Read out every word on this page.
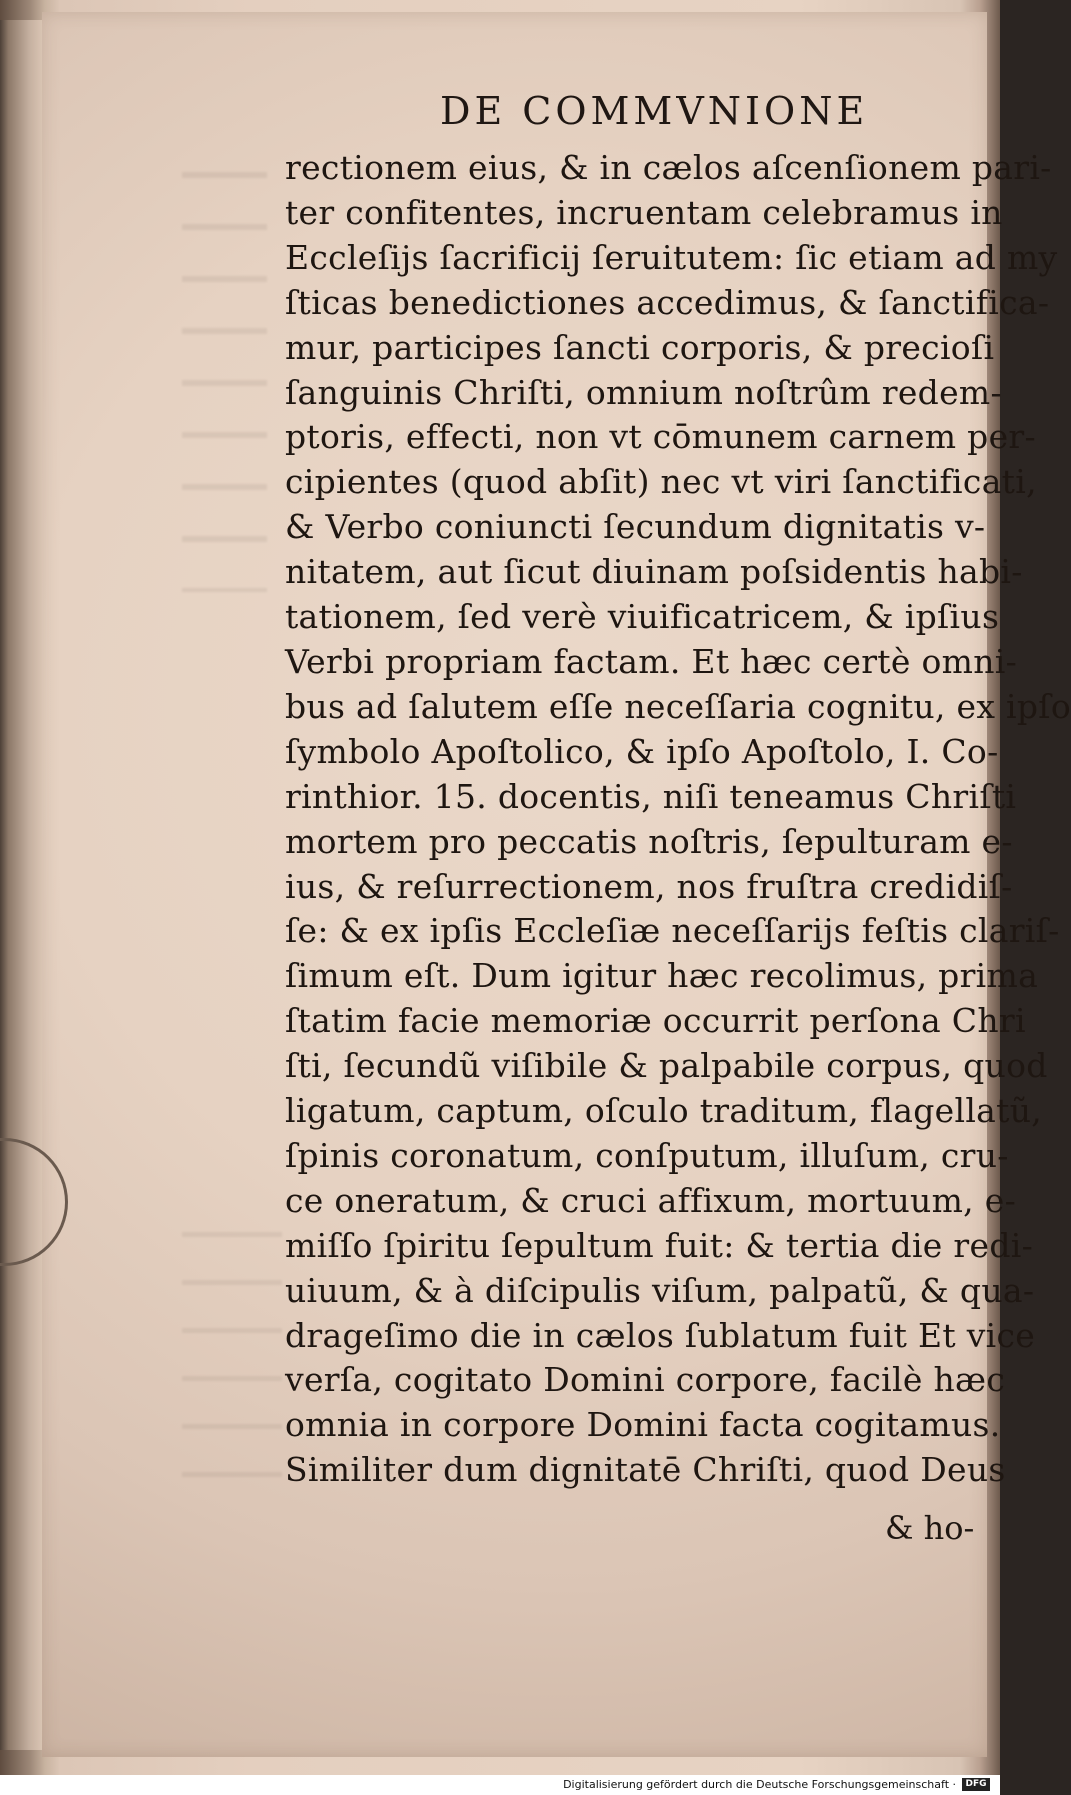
DE COMMVNIONE
rectionem eius, & in cælos aſcenſionem pari-
ter confitentes, incruentam celebramus in
Eccleſijs ſacrificij ſeruitutem: ſic etiam ad my
ſticas benedictiones accedimus, & ſanctifica-
mur, participes ſancti corporis, & precioſi
ſanguinis Chriſti, omnium noſtrûm redem-
ptoris, effecti, non vt cōmunem carnem per-
cipientes (quod abſit) nec vt viri ſanctificati,
& Verbo coniuncti ſecundum dignitatis v-
nitatem, aut ſicut diuinam poſsidentis habi-
tationem, ſed verè viuificatricem, & ipſius
Verbi propriam factam. Et hæc certè omni-
bus ad ſalutem eſſe neceſſaria cognitu, ex ipſo
ſymbolo Apoſtolico, & ipſo Apoſtolo, I. Co-
rinthior. 15. docentis, niſi teneamus Chriſti
mortem pro peccatis noſtris, ſepulturam e-
ius, & reſurrectionem, nos fruſtra credidiſ-
ſe: & ex ipſis Eccleſiæ neceſſarijs feſtis clariſ-
ſimum eſt. Dum igitur hæc recolimus, prima
ſtatim facie memoriæ occurrit perſona Chri
ſti, ſecundũ viſibile & palpabile corpus, quod
ligatum, captum, oſculo traditum, flagellatũ,
ſpinis coronatum, conſputum, illuſum, cru-
ce oneratum, & cruci affixum, mortuum, e-
miſſo ſpiritu ſepultum fuit: & tertia die redi-
uiuum, & à diſcipulis viſum, palpatũ, & qua-
drageſimo die in cælos ſublatum fuit Et vice
verſa, cogitato Domini corpore, facilè hæc
omnia in corpore Domini facta cogitamus.
Similiter dum dignitatē Chriſti, quod Deus
& ho-
Digitalisierung gefördert durch die Deutsche Forschungsgemeinschaft ·	DFG
